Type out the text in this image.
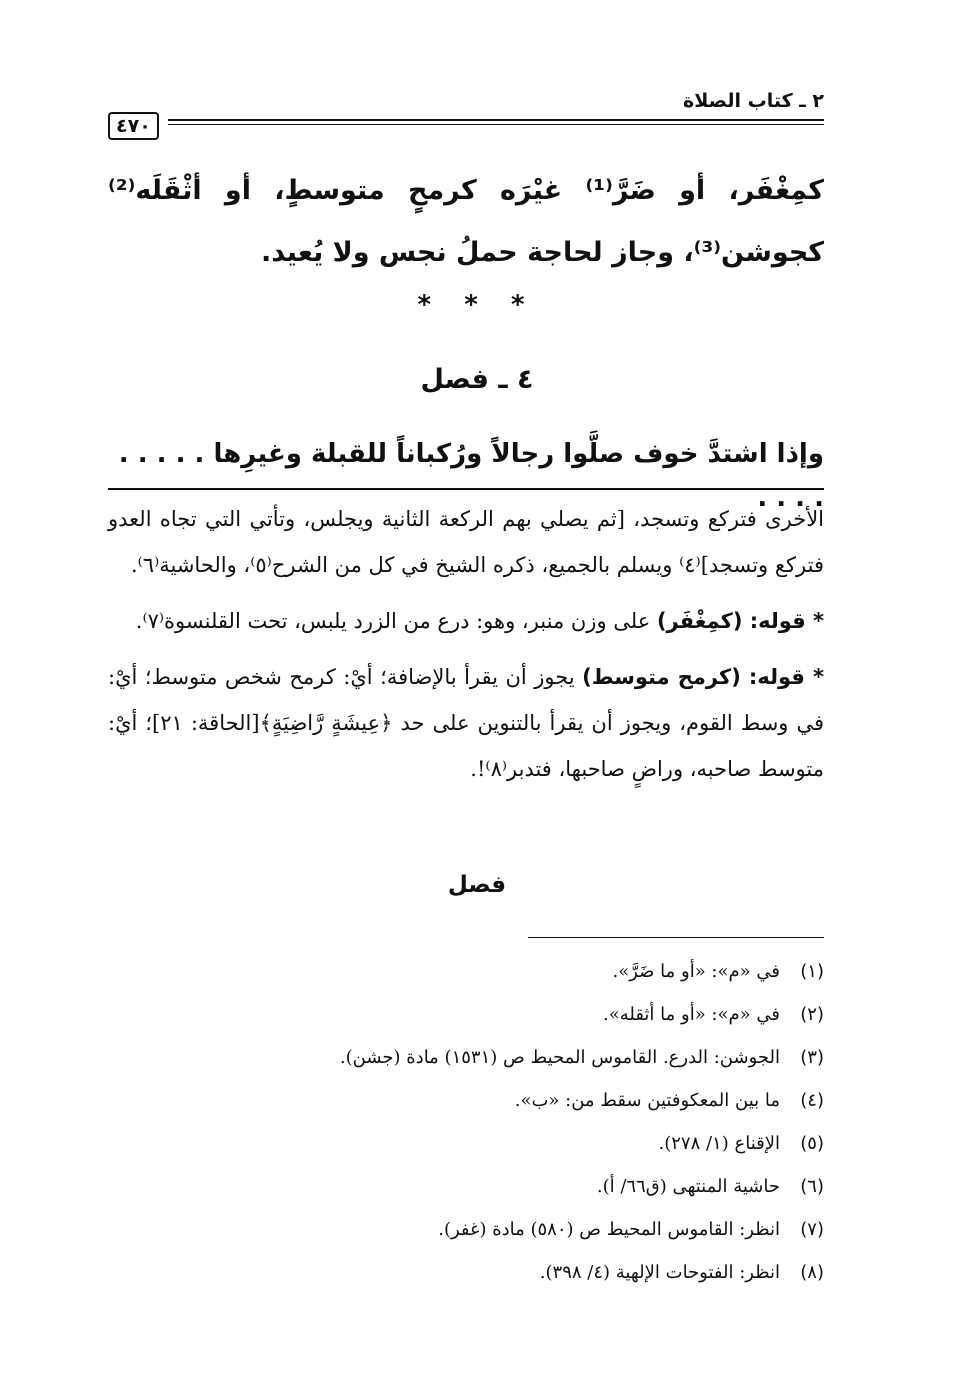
٢ ـ كتاب الصلاة
٤٧٠

كمِغْفَر، أو ضَرَّ⁽¹⁾ غيْرَه كرمحٍ متوسطٍ، أو أثْقَلَه⁽²⁾ كجوشن⁽³⁾، وجاز لحاجة حملُ نجس ولا يُعيد.

* * *
٤ ـ فصل
وإذا اشتدَّ خوف صلَّوا رجالاً ورُكباناً للقبلة وغيرِها . . . . . . . . .

الأخرى فتركع وتسجد، [ثم يصلي بهم الركعة الثانية ويجلس، وتأتي التي تجاه العدو فتركع وتسجد]⁽٤⁾ ويسلم بالجميع، ذكره الشيخ في كل من الشرح⁽٥⁾، والحاشية⁽٦⁾.

* قوله: (كمِغْفَر) على وزن منبر، وهو: درع من الزرد يلبس، تحت القلنسوة⁽٧⁾.

* قوله: (كرمح متوسط) يجوز أن يقرأ بالإضافة؛ أيْ: كرمح شخص متوسط؛ أيْ: في وسط القوم، ويجوز أن يقرأ بالتنوين على حد ﴿عِيشَةٍ رَّاضِيَةٍ﴾[الحاقة: ٢١]؛ أيْ: متوسط صاحبه، وراضٍ صاحبها، فتدبر⁽٨⁾!.

فصل
(١)في «م»: «أو ما ضَرَّ».
(٢)في «م»: «أو ما أثقله».
(٣)الجوشن: الدرع. القاموس المحيط ص (١٥٣١) مادة (جشن).
(٤)ما بين المعكوفتين سقط من: «ب».
(٥)الإقناع (١/ ٢٧٨).
(٦)حاشية المنتهى (ق٦٦/ أ).
(٧)انظر: القاموس المحيط ص (٥٨٠) مادة (غفر).
(٨)انظر: الفتوحات الإلهية (٤/ ٣٩٨).
